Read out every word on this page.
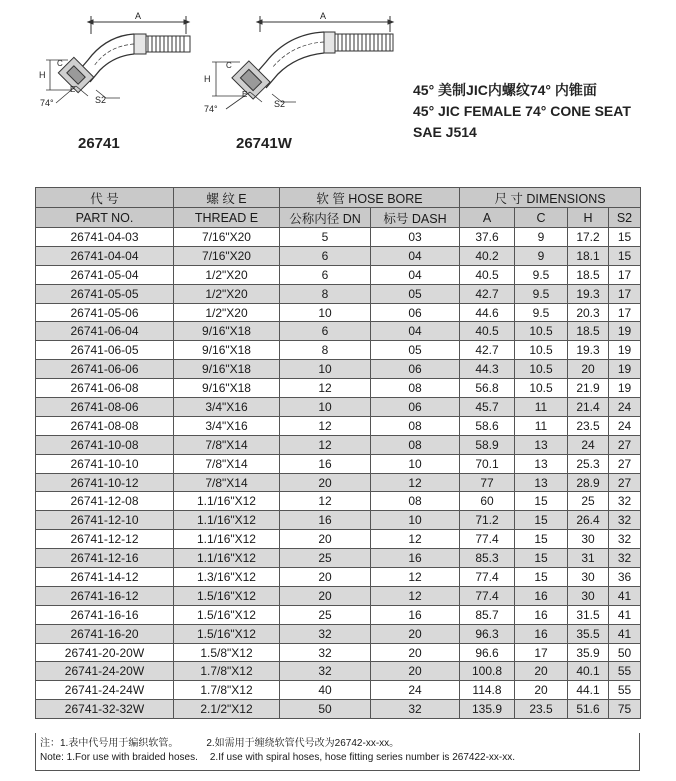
A
H
C
E
S2
74°
A
H
C
E
S2
74°
26741	26741W
45° 美制JIC内螺纹74° 内锥面
45° JIC FEMALE 74° CONE SEAT
SAE J514
代 号	螺 纹 E	软 管 HOSE BORE		尺 寸 DIMENSIONS			
PART NO.	THREAD E	公称内径 DN	标号 DASH	A	C	H	S2
26741-04-03	7/16"X20	5	03	37.6	9	17.2	15
26741-04-04	7/16"X20	6	04	40.2	9	18.1	15
26741-05-04	1/2"X20	6	04	40.5	9.5	18.5	17
26741-05-05	1/2"X20	8	05	42.7	9.5	19.3	17
26741-05-06	1/2"X20	10	06	44.6	9.5	20.3	17
26741-06-04	9/16"X18	6	04	40.5	10.5	18.5	19
26741-06-05	9/16"X18	8	05	42.7	10.5	19.3	19
26741-06-06	9/16"X18	10	06	44.3	10.5	20	19
26741-06-08	9/16"X18	12	08	56.8	10.5	21.9	19
26741-08-06	3/4"X16	10	06	45.7	11	21.4	24
26741-08-08	3/4"X16	12	08	58.6	11	23.5	24
26741-10-08	7/8"X14	12	08	58.9	13	24	27
26741-10-10	7/8"X14	16	10	70.1	13	25.3	27
26741-10-12	7/8"X14	20	12	77	13	28.9	27
26741-12-08	1.1/16"X12	12	08	60	15	25	32
26741-12-10	1.1/16"X12	16	10	71.2	15	26.4	32
26741-12-12	1.1/16"X12	20	12	77.4	15	30	32
26741-12-16	1.1/16"X12	25	16	85.3	15	31	32
26741-14-12	1.3/16"X12	20	12	77.4	15	30	36
26741-16-12	1.5/16"X12	20	12	77.4	16	30	41
26741-16-16	1.5/16"X12	25	16	85.7	16	31.5	41
26741-16-20	1.5/16"X12	32	20	96.3	16	35.5	41
26741-20-20W	1.5/8"X12	32	20	96.6	17	35.9	50
26741-24-20W	1.7/8"X12	32	20	100.8	20	40.1	55
26741-24-24W	1.7/8"X12	40	24	114.8	20	44.1	55
26741-32-32W	2.1/2"X12	50	32	135.9	23.5	51.6	75
注：1.表中代号用于编织软管。	2.如需用于缠绕软管代号改为26742-xx-xx。
Note: 1.For use with braided hoses. 2.If use with spiral hoses, hose fitting series number is 267422-xx-xx.
